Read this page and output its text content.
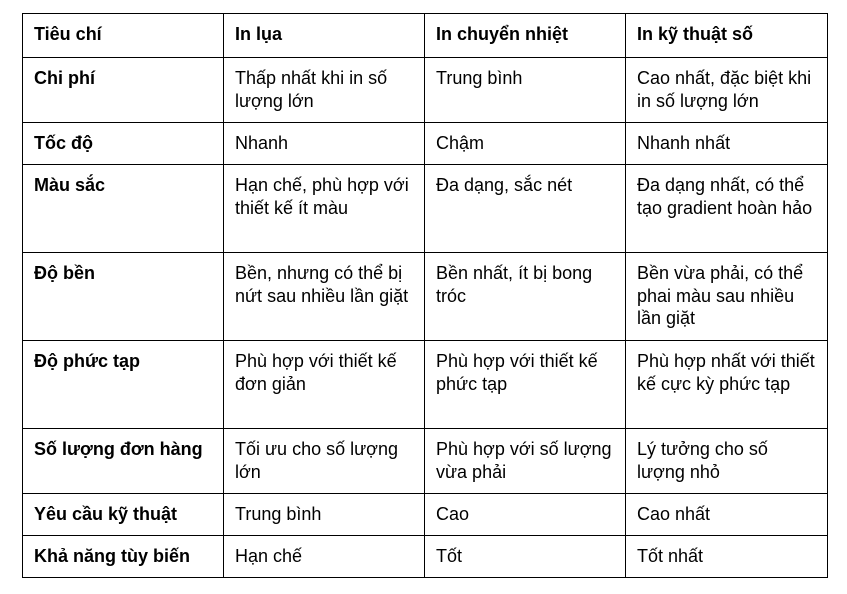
Tiêu chí	In lụa	In chuyển nhiệt	In kỹ thuật số
Chi phí	Thấp nhất khi in số lượng lớn	Trung bình	Cao nhất, đặc biệt khi in số lượng lớn
Tốc độ	Nhanh	Chậm	Nhanh nhất
Màu sắc	Hạn chế, phù hợp với thiết kế ít màu	Đa dạng, sắc nét	Đa dạng nhất, có thể tạo gradient hoàn hảo
Độ bền	Bền, nhưng có thể bị nứt sau nhiều lần giặt	Bền nhất, ít bị bong tróc	Bền vừa phải, có thể phai màu sau nhiều lần giặt
Độ phức tạp	Phù hợp với thiết kế đơn giản	Phù hợp với thiết kế phức tạp	Phù hợp nhất với thiết kế cực kỳ phức tạp
Số lượng đơn hàng	Tối ưu cho số lượng lớn	Phù hợp với số lượng vừa phải	Lý tưởng cho số lượng nhỏ
Yêu cầu kỹ thuật	Trung bình	Cao	Cao nhất
Khả năng tùy biến	Hạn chế	Tốt	Tốt nhất
